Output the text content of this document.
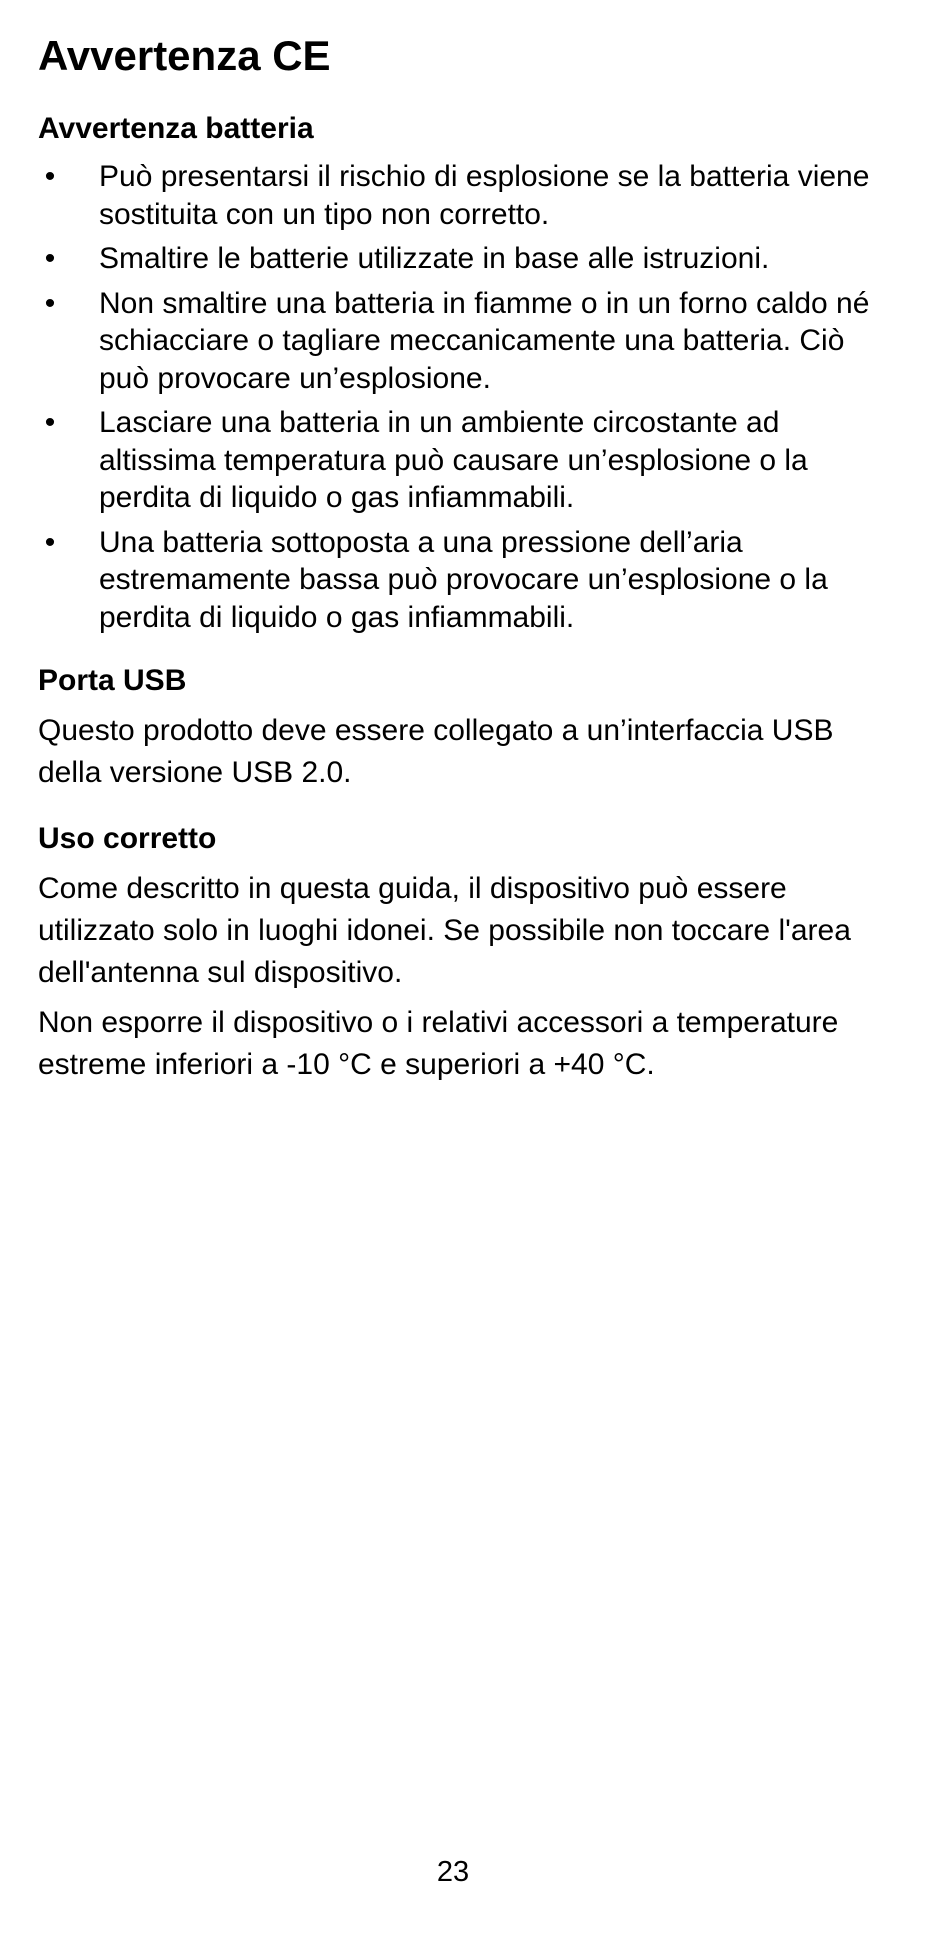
Avvertenza CE
Avvertenza batteria
• Può presentarsi il rischio di esplosione se la batteria viene sostituita con un tipo non corretto.
• Smaltire le batterie utilizzate in base alle istruzioni.
• Non smaltire una batteria in fiamme o in un forno caldo né schiacciare o tagliare meccanicamente una batteria. Ciò può provocare un’esplosione.
• Lasciare una batteria in un ambiente circostante ad altissima temperatura può causare un’esplosione o la perdita di liquido o gas infiammabili.
• Una batteria sottoposta a una pressione dell’aria estremamente bassa può provocare un’esplosione o la perdita di liquido o gas infiammabili.
Porta USB

Questo prodotto deve essere collegato a un’interfaccia USB della versione USB 2.0.

Uso corretto

Come descritto in questa guida, il dispositivo può essere utilizzato solo in luoghi idonei. Se possibile non toccare l'area dell'antenna sul dispositivo.

Non esporre il dispositivo o i relativi accessori a temperature estreme inferiori a -10 °C e superiori a +40 °C.

23
